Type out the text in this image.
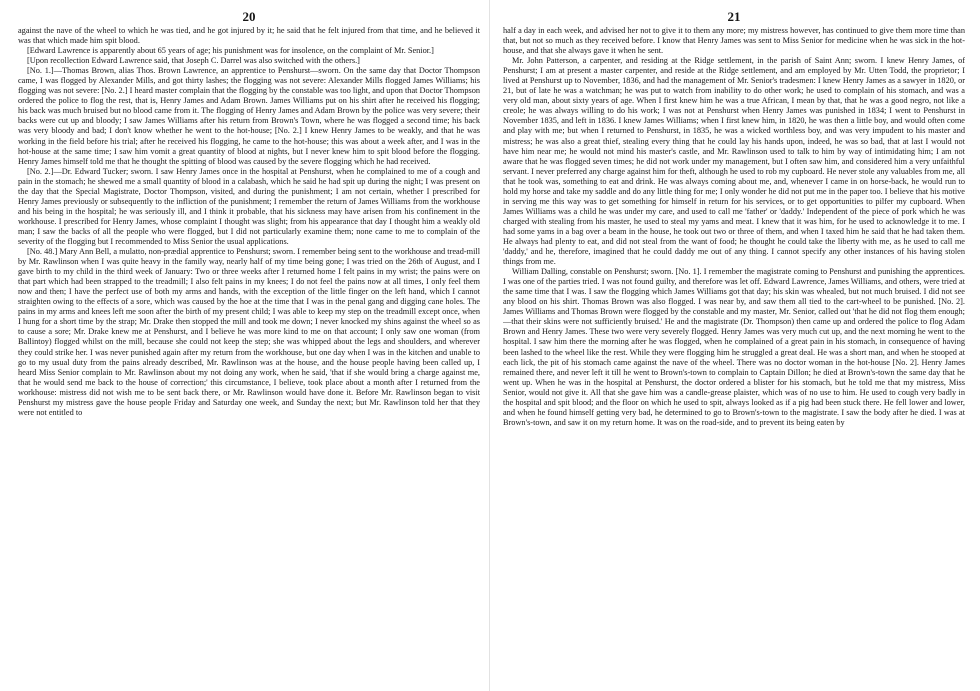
20

against the nave of the wheel to which he was tied, and he got injured by it; he said that he felt injured from that time, and he believed it was that which made him spit blood.

[Edward Lawrence is apparently about 65 years of age; his punishment was for insolence, on the complaint of Mr. Senior.]

[Upon recollection Edward Lawrence said, that Joseph C. Darrel was also switched with the others.]

[No. 1.]—Thomas Brown, alias Thos. Brown Lawrence, an apprentice to Penshurst—sworn. On the same day that Doctor Thompson came, I was flogged by Alexander Mills, and got thirty lashes; the flogging was not severe: Alexander Mills flogged James Williams; his flogging was not severe: [No. 2.] I heard master complain that the flogging by the constable was too light, and upon that Doctor Thompson ordered the police to flog the rest, that is, Henry James and Adam Brown. James Williams put on his shirt after he received his flogging; his back was much bruised but no blood came from it. The flogging of Henry James and Adam Brown by the police was very severe; their backs were cut up and bloody; I saw James Williams after his return from Brown's Town, where he was flogged a second time; his back was very bloody and bad; I don't know whether he went to the hot-house; [No. 2.] I knew Henry James to be weakly, and that he was working in the field before his trial; after he received his flogging, he came to the hot-house; this was about a week after, and I was in the hot-house at the same time; I saw him vomit a great quantity of blood at nights, but I never knew him to spit blood before the flogging. Henry James himself told me that he thought the spitting of blood was caused by the severe flogging which he had received.

[No. 2.]—Dr. Edward Tucker; sworn. I saw Henry James once in the hospital at Penshurst, when he complained to me of a cough and pain in the stomach; he shewed me a small quantity of blood in a calabash, which he said he had spit up during the night; I was present on the day that the Special Magistrate, Doctor Thompson, visited, and during the punishment; I am not certain, whether I prescribed for Henry James previously or subsequently to the infliction of the punishment; I remember the return of James Williams from the workhouse and his being in the hospital; he was seriously ill, and I think it probable, that his sickness may have arisen from his confinement in the workhouse. I prescribed for Henry James, whose complaint I thought was slight; from his appearance that day I thought him a weakly old man; I saw the backs of all the people who were flogged, but I did not particularly examine them; none came to me to complain of the severity of the flogging but I recommended to Miss Senior the usual applications.

[No. 48.] Mary Ann Bell, a mulatto, non-prædial apprentice to Penshurst; sworn. I remember being sent to the workhouse and tread-mill by Mr. Rawlinson when I was quite heavy in the family way, nearly half of my time being gone; I was tried on the 26th of August, and I gave birth to my child in the third week of January: Two or three weeks after I returned home I felt pains in my wrist; the pains were on that part which had been strapped to the treadmill; I also felt pains in my knees; I do not feel the pains now at all times, I only feel them now and then; I have the perfect use of both my arms and hands, with the exception of the little finger on the left hand, which I cannot straighten owing to the effects of a sore, which was caused by the hoe at the time that I was in the penal gang and digging cane holes. The pains in my arms and knees left me soon after the birth of my present child; I was able to keep my step on the treadmill except once, when I hung for a short time by the strap; Mr. Drake then stopped the mill and took me down; I never knocked my shins against the wheel so as to cause a sore; Mr. Drake knew me at Penshurst, and I believe he was more kind to me on that account; I only saw one woman (from Ballintoy) flogged whilst on the mill, because she could not keep the step; she was whipped about the legs and shoulders, and wherever they could strike her. I was never punished again after my return from the workhouse, but one day when I was in the kitchen and unable to go to my usual duty from the pains already described, Mr. Rawlinson was at the house, and the house people having been called up, I heard Miss Senior complain to Mr. Rawlinson about my not doing any work, when he said, 'that if she would bring a charge against me, that he would send me back to the house of correction;' this circumstance, I believe, took place about a month after I returned from the workhouse: mistress did not wish me to be sent back there, or Mr. Rawlinson would have done it. Before Mr. Rawlinson began to visit Penshurst my mistress gave the house people Friday and Saturday one week, and Sunday the next; but Mr. Rawlinson told her that they were not entitled to

21

half a day in each week, and advised her not to give it to them any more; my mistress however, has continued to give them more time than that, but not so much as they received before. I know that Henry James was sent to Miss Senior for medicine when he was sick in the hot-house, and that she always gave it when he sent.

Mr. John Patterson, a carpenter, and residing at the Ridge settlement, in the parish of Saint Ann; sworn. I knew Henry James, of Penshurst; I am at present a master carpenter, and reside at the Ridge settlement, and am employed by Mr. Utten Todd, the proprietor; I lived at Penshurst up to November, 1836, and had the management of Mr. Senior's tradesmen: I knew Henry James as a sawyer in 1820, or 21, but of late he was a watchman; he was put to watch from inability to do other work; he used to complain of his stomach, and was a very old man, about sixty years of age. When I first knew him he was a true African, I mean by that, that he was a good negro, not like a creole; he was always willing to do his work; I was not at Penshurst when Henry James was punished in 1834; I went to Penshurst in November 1835, and left in 1836. I knew James Williams; when I first knew him, in 1820, he was then a little boy, and would often come and play with me; but when I returned to Penshurst, in 1835, he was a wicked worthless boy, and was very impudent to his master and mistress; he was also a great thief, stealing every thing that he could lay his hands upon, indeed, he was so bad, that at last I would not have him near me; he would not mind his master's castle, and Mr. Rawlinson used to talk to him by way of intimidating him; I am not aware that he was flogged seven times; he did not work under my management, but I often saw him, and considered him a very unfaithful servant. I never preferred any charge against him for theft, although he used to rob my cupboard. He never stole any valuables from me, all that he took was, something to eat and drink. He was always coming about me, and, whenever I came in on horse-back, he would run to hold my horse and take my saddle and do any little thing for me; I only wonder he did not put me in the paper too. I believe that his motive in serving me this way was to get something for himself in return for his services, or to get opportunities to pilfer my cupboard. When James Williams was a child he was under my care, and used to call me 'father' or 'daddy.' Independent of the piece of pork which he was charged with stealing from his master, he used to steal my yams and meat. I knew that it was him, for he used to acknowledge it to me. I had some yams in a bag over a beam in the house, he took out two or three of them, and when I taxed him he said that he had taken them. He always had plenty to eat, and did not steal from the want of food; he thought he could take the liberty with me, as he used to call me 'daddy,' and he, therefore, imagined that he could daddy me out of any thing. I cannot specify any other instances of his having stolen things from me.

William Dalling, constable on Penshurst; sworn. [No. 1]. I remember the magistrate coming to Penshurst and punishing the apprentices. I was one of the parties tried. I was not found guilty, and therefore was let off. Edward Lawrence, James Williams, and others, were tried at the same time that I was. I saw the flogging which James Williams got that day; his skin was whealed, but not much bruised. I did not see any blood on his shirt. Thomas Brown was also flogged. I was near by, and saw them all tied to the cart-wheel to be punished. [No. 2]. James Williams and Thomas Brown were flogged by the constable and my master, Mr. Senior, called out 'that he did not flog them enough;—that their skins were not sufficiently bruised.' He and the magistrate (Dr. Thompson) then came up and ordered the police to flog Adam Brown and Henry James. These two were very severely flogged. Henry James was very much cut up, and the next morning he went to the hospital. I saw him there the morning after he was flogged, when he complained of a great pain in his stomach, in consequence of having been lashed to the wheel like the rest. While they were flogging him he struggled a great deal. He was a short man, and when he stooped at each lick, the pit of his stomach came against the nave of the wheel. There was no doctor woman in the hot-house [No. 2]. Henry James remained there, and never left it till he went to Brown's-town to complain to Captain Dillon; he died at Brown's-town the same day that he went up. When he was in the hospital at Penshurst, the doctor ordered a blister for his stomach, but he told me that my mistress, Miss Senior, would not give it. All that she gave him was a candle-grease plaister, which was of no use to him. He used to cough very badly in the hospital and spit blood; and the floor on which he used to spit, always looked as if a pig had been stuck there. He fell lower and lower, and when he found himself getting very bad, he determined to go to Brown's-town to the magistrate. I saw the body after he died. I was at Brown's-town, and saw it on my return home. It was on the road-side, and to prevent its being eaten by
